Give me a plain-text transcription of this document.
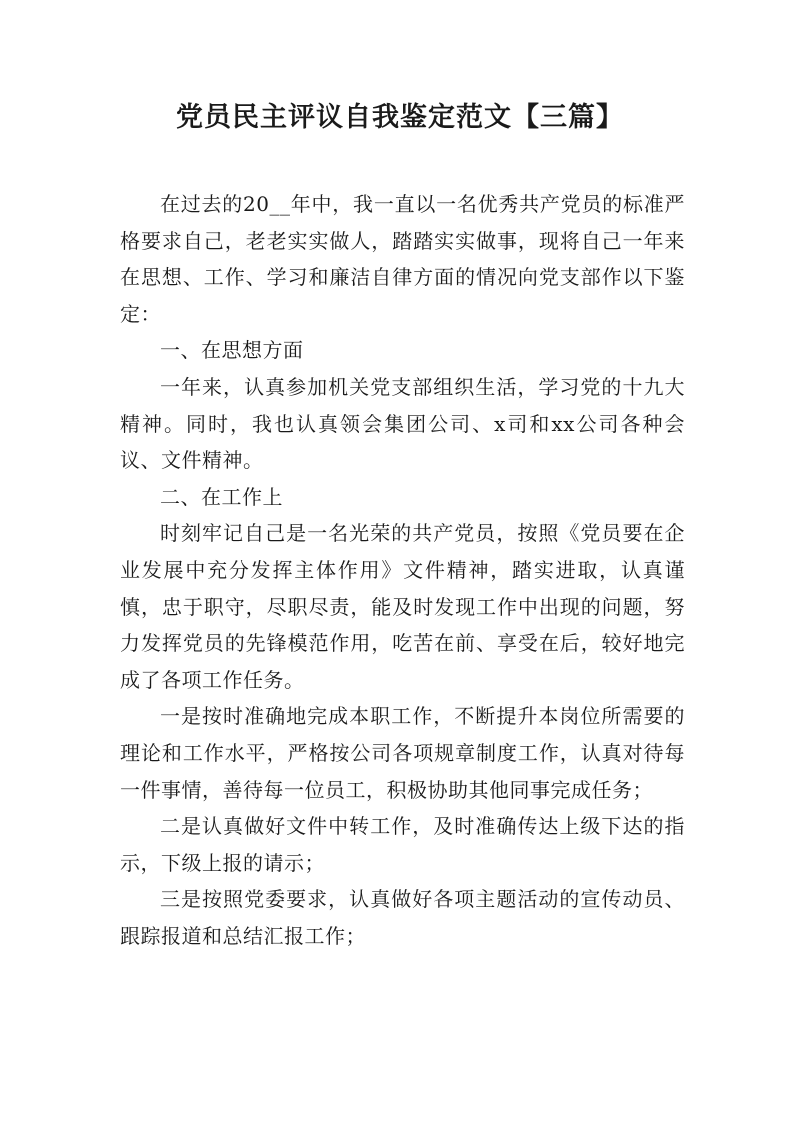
党员民主评议自我鉴定范文【三篇】

在过去的20__年中，我一直以一名优秀共产党员的标准严格要求自己，老老实实做人，踏踏实实做事，现将自己一年来在思想、工作、学习和廉洁自律方面的情况向党支部作以下鉴定：

一、在思想方面

一年来，认真参加机关党支部组织生活，学习党的十九大精神。同时，我也认真领会集团公司、x司和xx公司各种会议、文件精神。

二、在工作上

时刻牢记自己是一名光荣的共产党员，按照《党员要在企业发展中充分发挥主体作用》文件精神，踏实进取，认真谨慎，忠于职守，尽职尽责，能及时发现工作中出现的问题，努力发挥党员的先锋模范作用，吃苦在前、享受在后，较好地完成了各项工作任务。

一是按时准确地完成本职工作，不断提升本岗位所需要的理论和工作水平，严格按公司各项规章制度工作，认真对待每一件事情，善待每一位员工，积极协助其他同事完成任务；

二是认真做好文件中转工作，及时准确传达上级下达的指示，下级上报的请示；

三是按照党委要求，认真做好各项主题活动的宣传动员、跟踪报道和总结汇报工作；
